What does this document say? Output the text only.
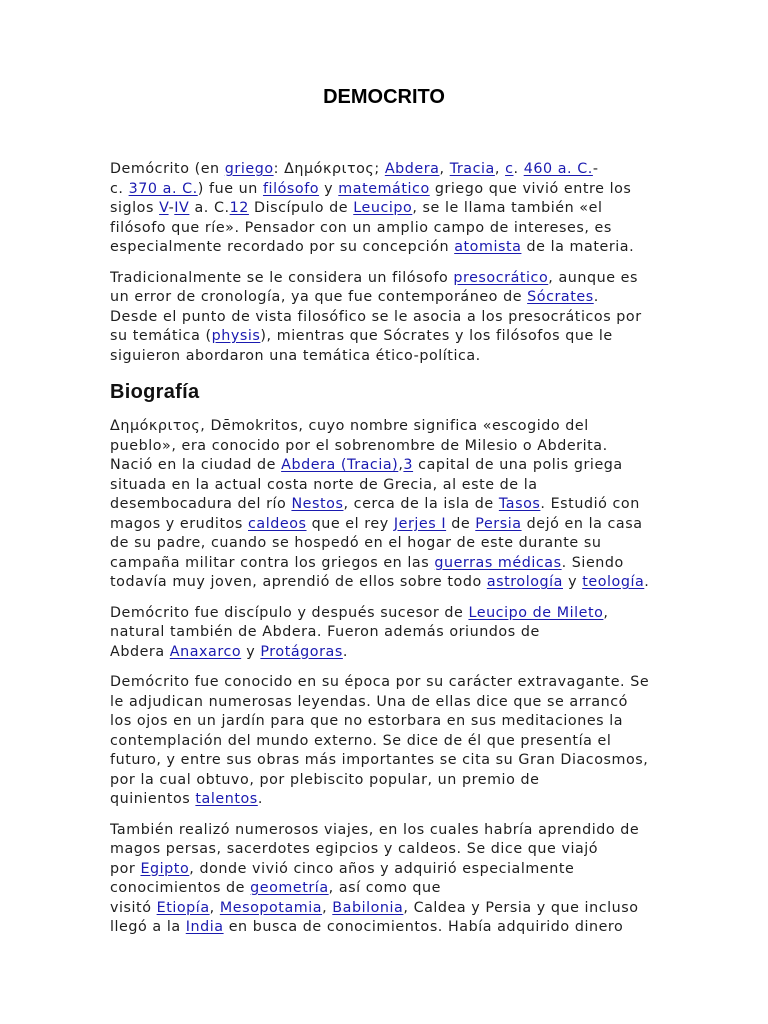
DEMOCRITO

Demócrito (en griego: Δημόκριτος; Abdera, Tracia, c. 460 a. C.-
c. 370 a. C.) fue un filósofo y matemático griego que vivió entre los
siglos V-IV a. C.12 Discípulo de Leucipo, se le llama también «el
filósofo que ríe». Pensador con un amplio campo de intereses, es
especialmente recordado por su concepción atomista de la materia.

Tradicionalmente se le considera un filósofo presocrático, aunque es
un error de cronología, ya que fue contemporáneo de Sócrates.
Desde el punto de vista filosófico se le asocia a los presocráticos por
su temática (physis), mientras que Sócrates y los filósofos que le
siguieron abordaron una temática ético-política.

Biografía

Δημόκριτος, Dēmokritos, cuyo nombre significa «escogido del
pueblo», era conocido por el sobrenombre de Milesio o Abderita.
Nació en la ciudad de Abdera (Tracia),3 capital de una polis griega
situada en la actual costa norte de Grecia, al este de la
desembocadura del río Nestos, cerca de la isla de Tasos. Estudió con
magos y eruditos caldeos que el rey Jerjes I de Persia dejó en la casa
de su padre, cuando se hospedó en el hogar de este durante su
campaña militar contra los griegos en las guerras médicas. Siendo
todavía muy joven, aprendió de ellos sobre todo astrología y teología.

Demócrito fue discípulo y después sucesor de Leucipo de Mileto,
natural también de Abdera. Fueron además oriundos de
Abdera Anaxarco y Protágoras.

Demócrito fue conocido en su época por su carácter extravagante. Se
le adjudican numerosas leyendas. Una de ellas dice que se arrancó
los ojos en un jardín para que no estorbara en sus meditaciones la
contemplación del mundo externo. Se dice de él que presentía el
futuro, y entre sus obras más importantes se cita su Gran Diacosmos,
por la cual obtuvo, por plebiscito popular, un premio de
quinientos talentos.

También realizó numerosos viajes, en los cuales habría aprendido de
magos persas, sacerdotes egipcios y caldeos. Se dice que viajó
por Egipto, donde vivió cinco años y adquirió especialmente
conocimientos de geometría, así como que
visitó Etiopía, Mesopotamia, Babilonia, Caldea y Persia y que incluso
llegó a la India en busca de conocimientos. Había adquirido dinero
